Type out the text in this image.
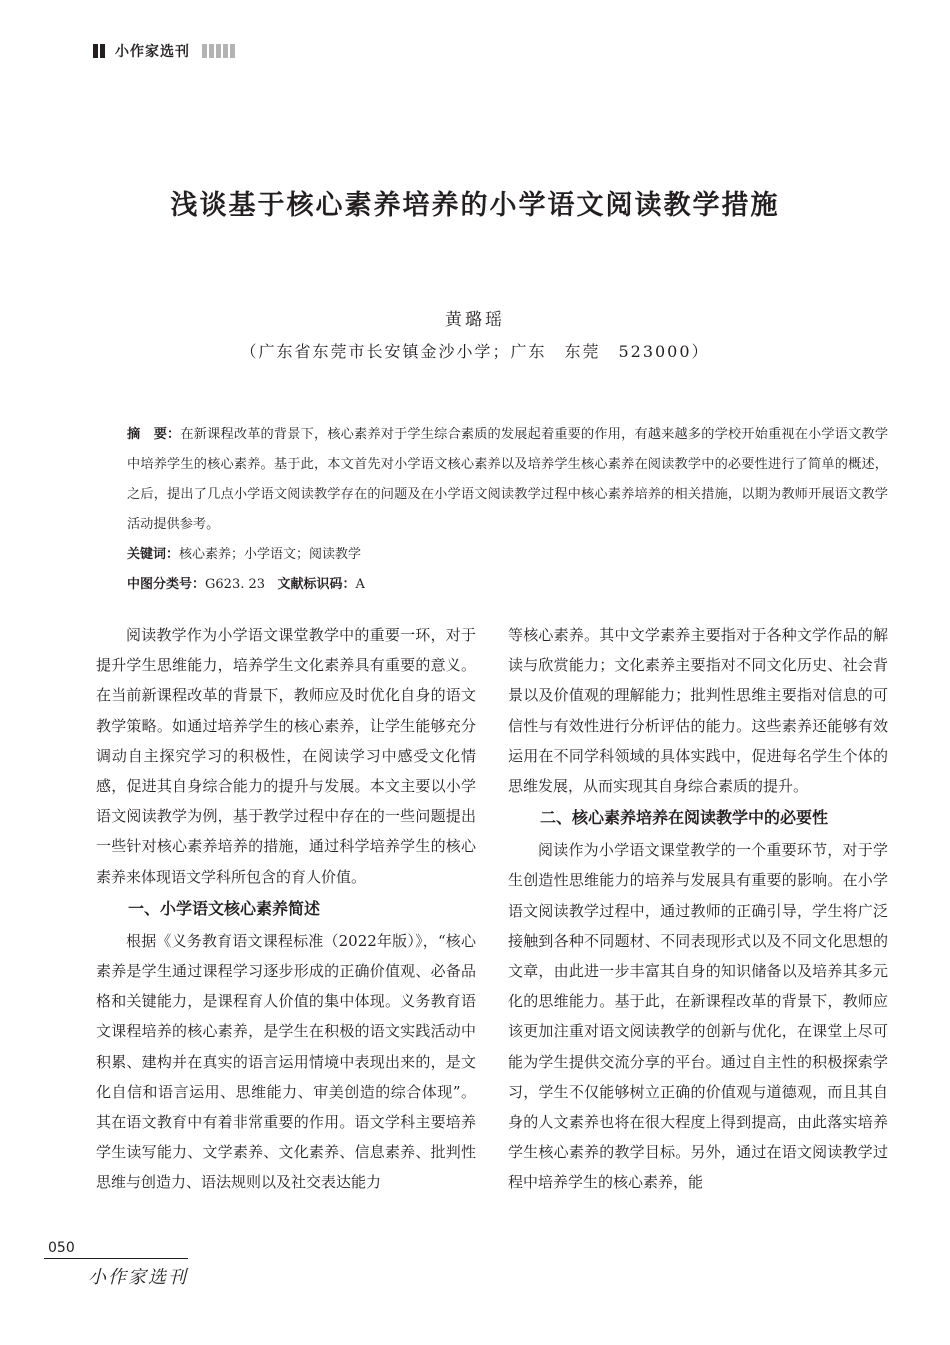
小作家选刊
浅谈基于核心素养培养的小学语文阅读教学措施
黄璐瑶
（广东省东莞市长安镇金沙小学；广东　东莞　523000）

摘　要：在新课程改革的背景下，核心素养对于学生综合素质的发展起着重要的作用，有越来越多的学校开始重视在小学语文教学中培养学生的核心素养。基于此，本文首先对小学语文核心素养以及培养学生核心素养在阅读教学中的必要性进行了简单的概述，之后，提出了几点小学语文阅读教学存在的问题及在小学语文阅读教学过程中核心素养培养的相关措施，以期为教师开展语文教学活动提供参考。

关键词：核心素养；小学语文；阅读教学
中图分类号：G623. 23 文献标识码：A

阅读教学作为小学语文课堂教学中的重要一环，对于提升学生思维能力，培养学生文化素养具有重要的意义。在当前新课程改革的背景下，教师应及时优化自身的语文教学策略。如通过培养学生的核心素养，让学生能够充分调动自主探究学习的积极性，在阅读学习中感受文化情感，促进其自身综合能力的提升与发展。本文主要以小学语文阅读教学为例，基于教学过程中存在的一些问题提出一些针对核心素养培养的措施，通过科学培养学生的核心素养来体现语文学科所包含的育人价值。

一、小学语文核心素养简述

根据《义务教育语文课程标准（2022年版）》，“核心素养是学生通过课程学习逐步形成的正确价值观、必备品格和关键能力，是课程育人价值的集中体现。义务教育语文课程培养的核心素养，是学生在积极的语文实践活动中积累、建构并在真实的语言运用情境中表现出来的，是文化自信和语言运用、思维能力、审美创造的综合体现”。其在语文教育中有着非常重要的作用。语文学科主要培养学生读写能力、文学素养、文化素养、信息素养、批判性思维与创造力、语法规则以及社交表达能力

等核心素养。其中文学素养主要指对于各种文学作品的解读与欣赏能力；文化素养主要指对不同文化历史、社会背景以及价值观的理解能力；批判性思维主要指对信息的可信性与有效性进行分析评估的能力。这些素养还能够有效运用在不同学科领域的具体实践中，促进每名学生个体的思维发展，从而实现其自身综合素质的提升。

二、核心素养培养在阅读教学中的必要性

阅读作为小学语文课堂教学的一个重要环节，对于学生创造性思维能力的培养与发展具有重要的影响。在小学语文阅读教学过程中，通过教师的正确引导，学生将广泛接触到各种不同题材、不同表现形式以及不同文化思想的文章，由此进一步丰富其自身的知识储备以及培养其多元化的思维能力。基于此，在新课程改革的背景下，教师应该更加注重对语文阅读教学的创新与优化，在课堂上尽可能为学生提供交流分享的平台。通过自主性的积极探索学习，学生不仅能够树立正确的价值观与道德观，而且其自身的人文素养也将在很大程度上得到提高，由此落实培养学生核心素养的教学目标。另外，通过在语文阅读教学过程中培养学生的核心素养，能

050
小作家选刊
